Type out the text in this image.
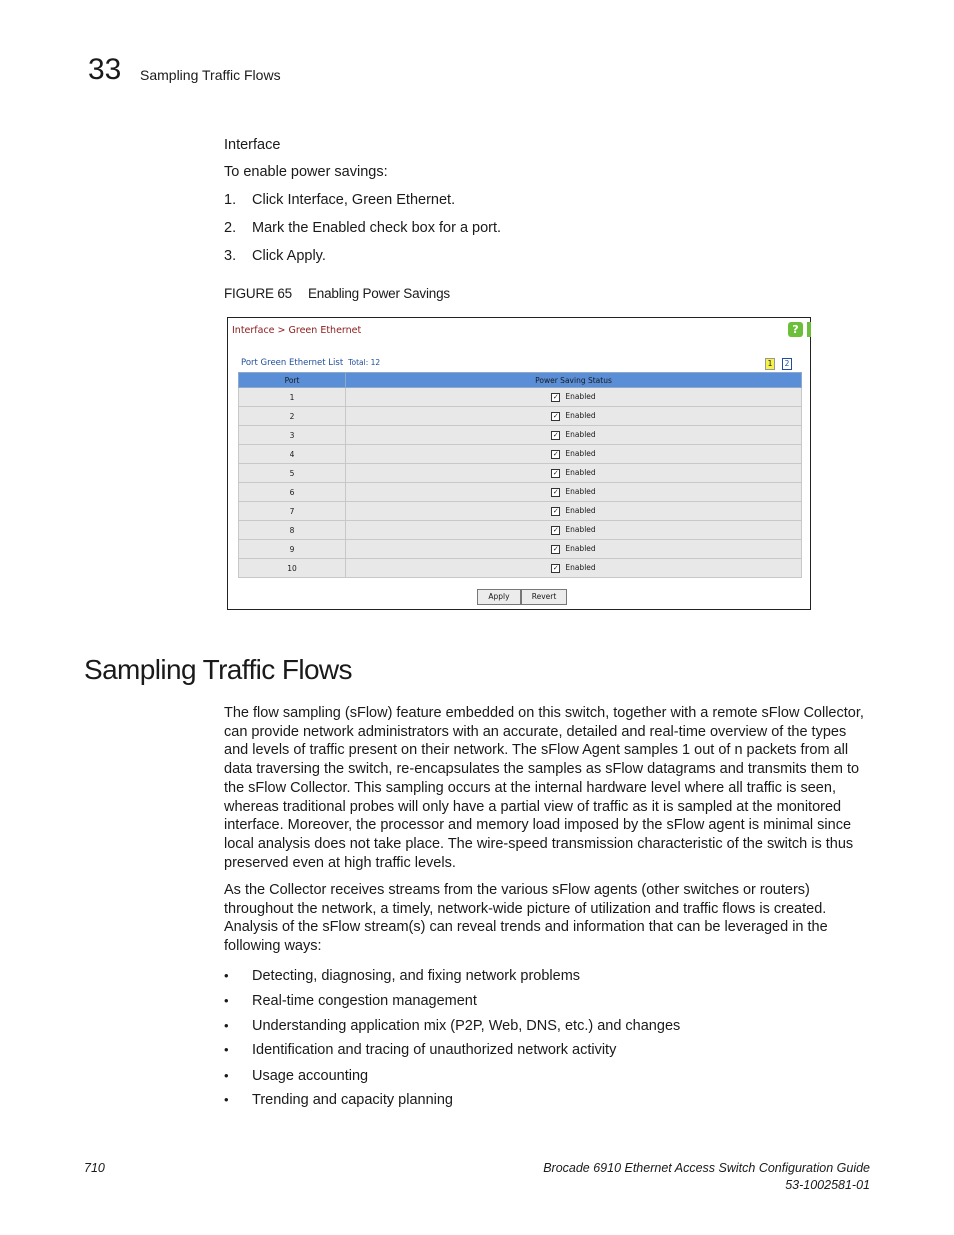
33 Sampling Traffic Flows
Interface
To enable power savings:
1. Click Interface, Green Ethernet.
2. Mark the Enabled check box for a port.
3. Click Apply.
FIGURE 65 Enabling Power Savings
Interface > Green Ethernet	?
Port Green Ethernet List Total: 12	1	2
Port	Power Saving Status
1	✓ Enabled
2	✓ Enabled
3	✓ Enabled
4	✓ Enabled
5	✓ Enabled
6	✓ Enabled
7	✓ Enabled
8	✓ Enabled
9	✓ Enabled
10	✓ Enabled
Apply	Revert
Sampling Traffic Flows
The flow sampling (sFlow) feature embedded on this switch, together with a remote sFlow Collector, can provide network administrators with an accurate, detailed and real-time overview of the types and levels of traffic present on their network. The sFlow Agent samples 1 out of n packets from all data traversing the switch, re-encapsulates the samples as sFlow datagrams and transmits them to the sFlow Collector. This sampling occurs at the internal hardware level where all traffic is seen, whereas traditional probes will only have a partial view of traffic as it is sampled at the monitored interface. Moreover, the processor and memory load imposed by the sFlow agent is minimal since local analysis does not take place. The wire-speed transmission characteristic of the switch is thus preserved even at high traffic levels.
As the Collector receives streams from the various sFlow agents (other switches or routers) throughout the network, a timely, network-wide picture of utilization and traffic flows is created. Analysis of the sFlow stream(s) can reveal trends and information that can be leveraged in the following ways:
• Detecting, diagnosing, and fixing network problems
• Real-time congestion management
• Understanding application mix (P2P, Web, DNS, etc.) and changes
• Identification and tracing of unauthorized network activity
• Usage accounting
• Trending and capacity planning
710	Brocade 6910 Ethernet Access Switch Configuration Guide
53-1002581-01
